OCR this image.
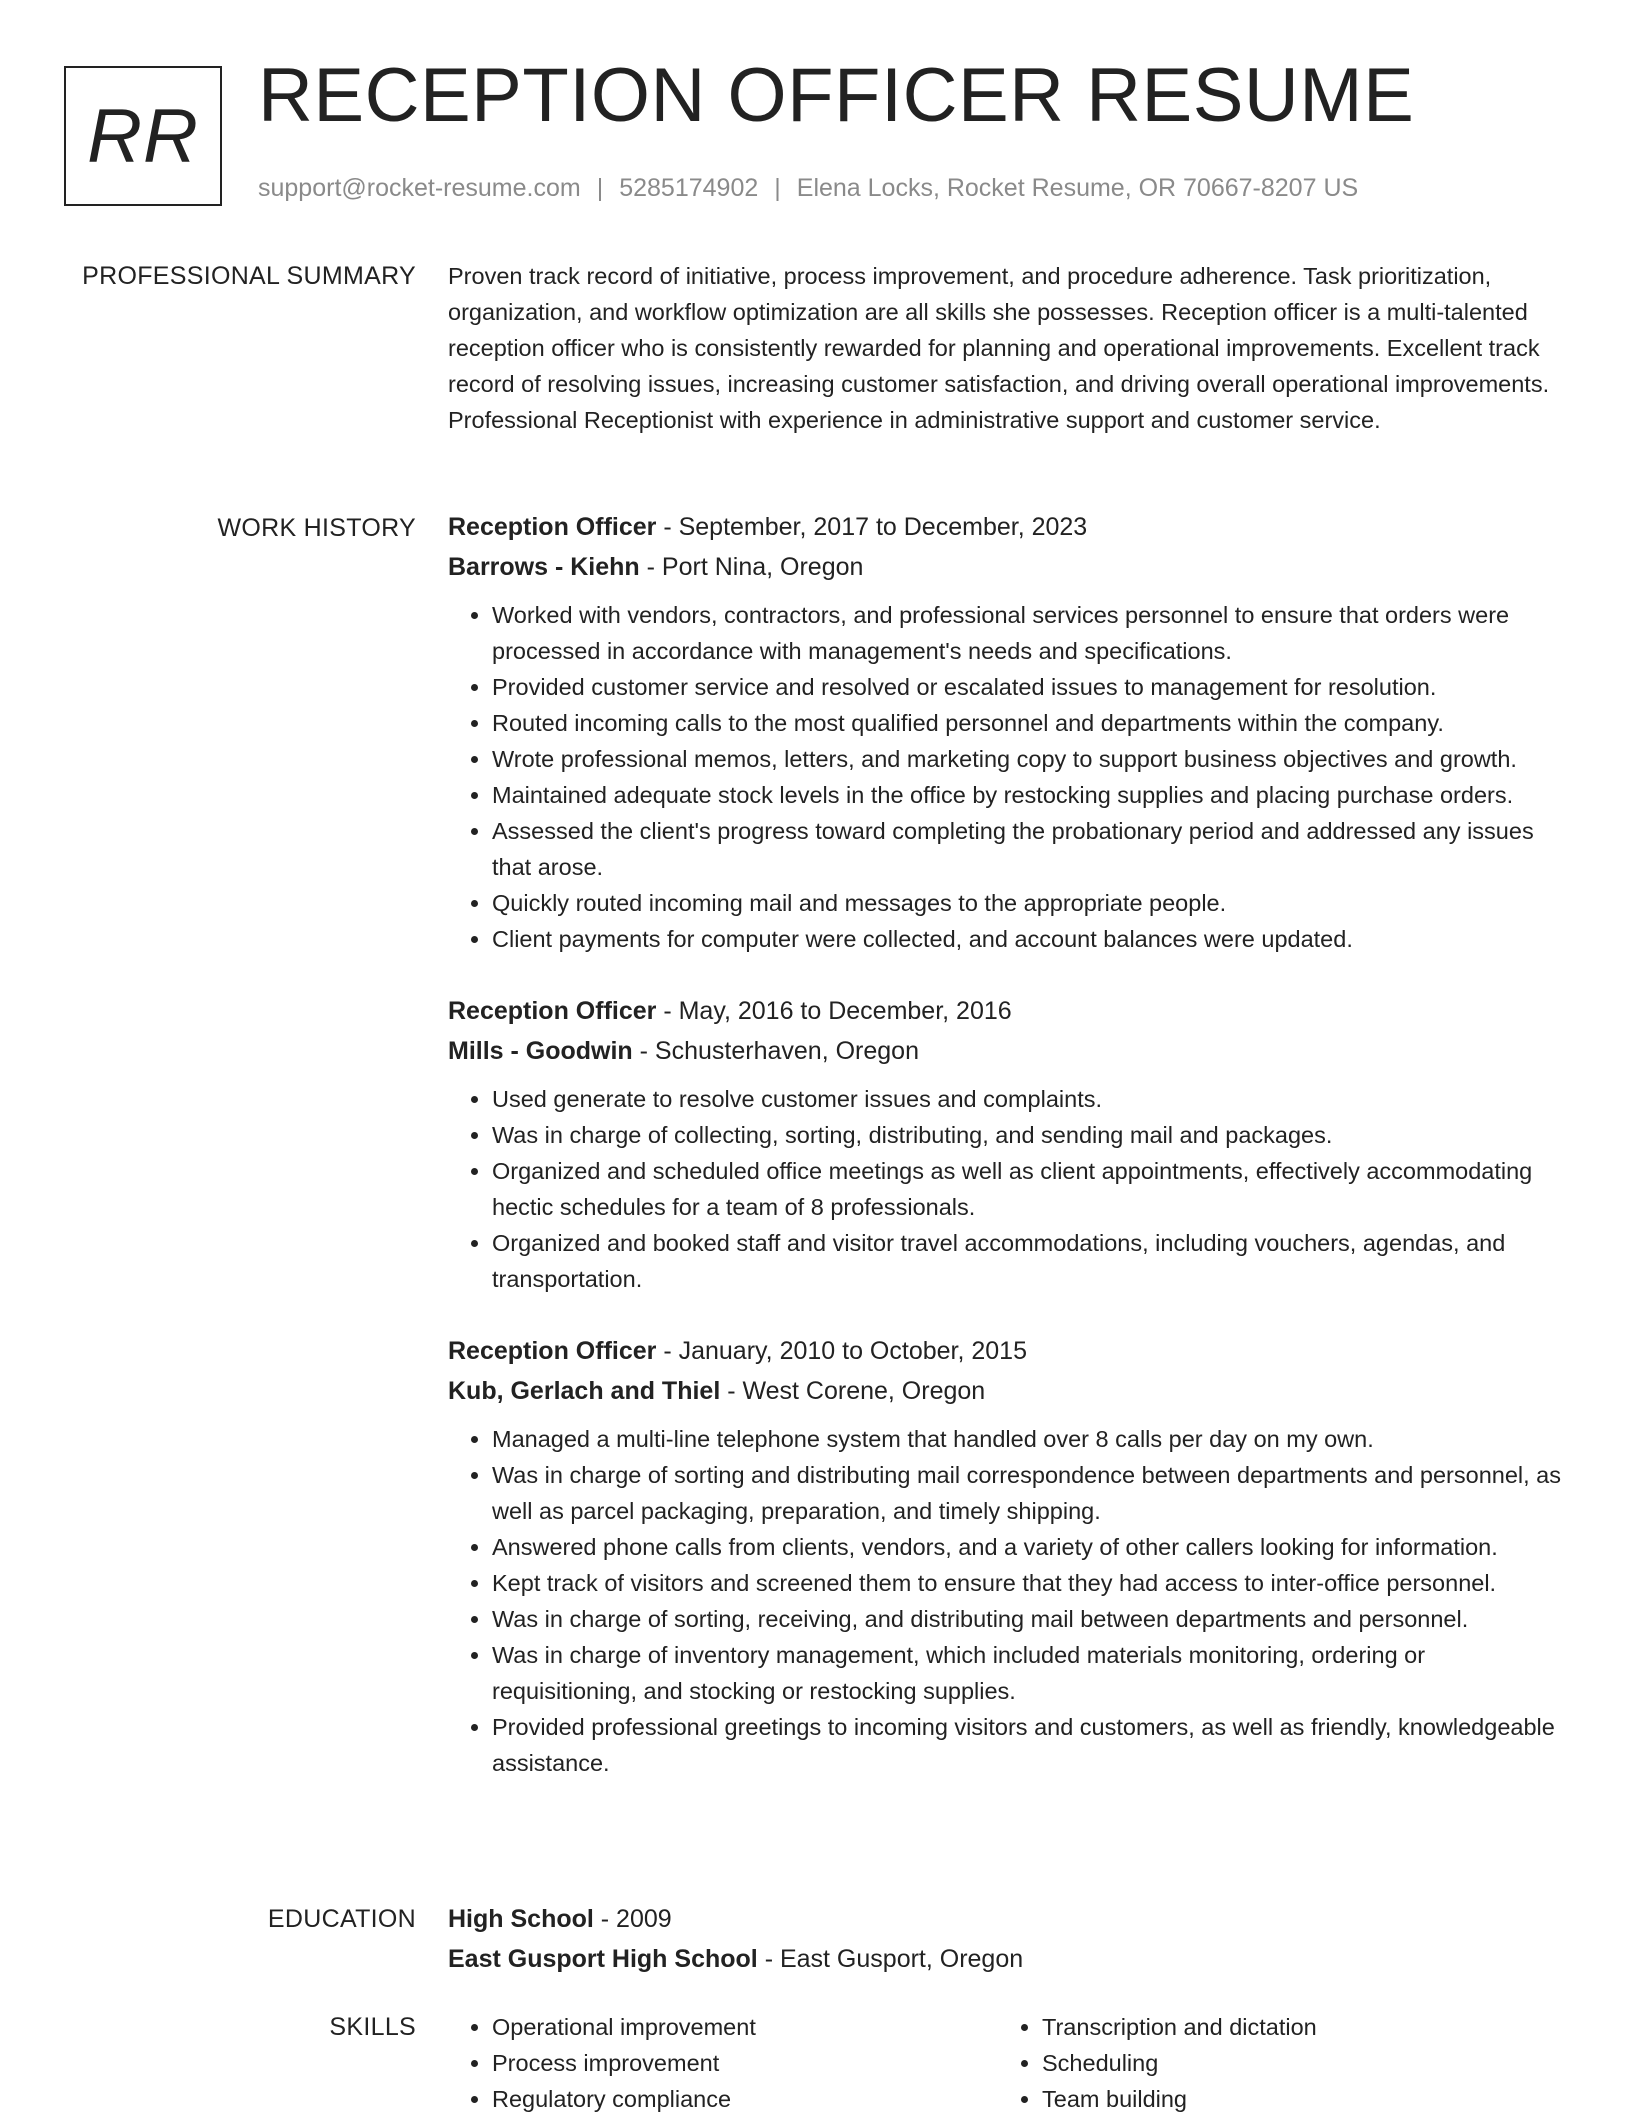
RR RECEPTION OFFICER RESUME
support@rocket-resume.com | 5285174902 | Elena Locks, Rocket Resume, OR 70667-8207 US
PROFESSIONAL SUMMARY Proven track record of initiative, process improvement, and procedure adherence. Task prioritization, organization, and workflow optimization are all skills she possesses. Reception officer is a multi-talented reception officer who is consistently rewarded for planning and operational improvements. Excellent track record of resolving issues, increasing customer satisfaction, and driving overall operational improvements. Professional Receptionist with experience in administrative support and customer service.

WORK HISTORY Reception Officer - September, 2017 to December, 2023
Barrows - Kiehn - Port Nina, Oregon
• Worked with vendors, contractors, and professional services personnel to ensure that orders were processed in accordance with management's needs and specifications.
• Provided customer service and resolved or escalated issues to management for resolution.
• Routed incoming calls to the most qualified personnel and departments within the company.
• Wrote professional memos, letters, and marketing copy to support business objectives and growth.
• Maintained adequate stock levels in the office by restocking supplies and placing purchase orders.
• Assessed the client's progress toward completing the probationary period and addressed any issues that arose.
• Quickly routed incoming mail and messages to the appropriate people.
• Client payments for computer were collected, and account balances were updated.
Reception Officer - May, 2016 to December, 2016
Mills - Goodwin - Schusterhaven, Oregon
• Used generate to resolve customer issues and complaints.
• Was in charge of collecting, sorting, distributing, and sending mail and packages.
• Organized and scheduled office meetings as well as client appointments, effectively accommodating hectic schedules for a team of 8 professionals.
• Organized and booked staff and visitor travel accommodations, including vouchers, agendas, and transportation.
Reception Officer - January, 2010 to October, 2015
Kub, Gerlach and Thiel - West Corene, Oregon
• Managed a multi-line telephone system that handled over 8 calls per day on my own.
• Was in charge of sorting and distributing mail correspondence between departments and personnel, as well as parcel packaging, preparation, and timely shipping.
• Answered phone calls from clients, vendors, and a variety of other callers looking for information.
• Kept track of visitors and screened them to ensure that they had access to inter-office personnel.
• Was in charge of sorting, receiving, and distributing mail between departments and personnel.
• Was in charge of inventory management, which included materials monitoring, ordering or requisitioning, and stocking or restocking supplies.
• Provided professional greetings to incoming visitors and customers, as well as friendly, knowledgeable assistance.
EDUCATION High School - 2009
East Gusport High School - East Gusport, Oregon
SKILLS
•	Operational improvement
• Process improvement
• Regulatory compliance
• Transcription and dictation
• Scheduling
• Team building
